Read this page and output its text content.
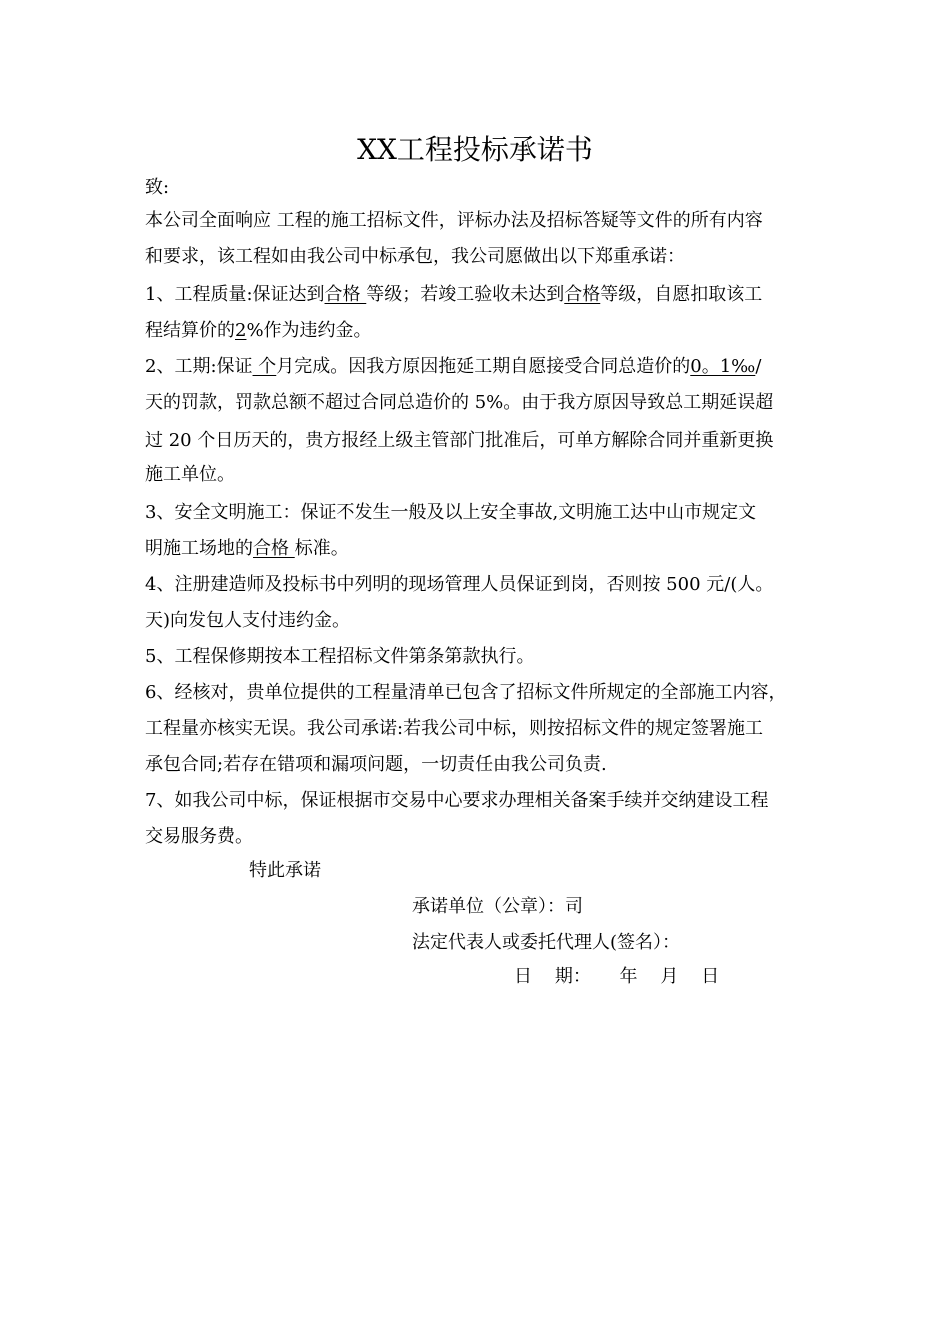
XX工程投标承诺书
致:
本公司全面响应 工程的施工招标文件，评标办法及招标答疑等文件的所有内容
和要求，该工程如由我公司中标承包，我公司愿做出以下郑重承诺：
1、工程质量:保证达到合格 等级；若竣工验收未达到合格等级，自愿扣取该工
程结算价的2%作为违约金。
2、工期:保证 个月完成。因我方原因拖延工期自愿接受合同总造价的0。1‰/
天的罚款，罚款总额不超过合同总造价的 5%。由于我方原因导致总工期延误超
过 20 个日历天的，贵方报经上级主管部门批准后，可单方解除合同并重新更换
施工单位。
3、安全文明施工：保证不发生一般及以上安全事故,文明施工达中山市规定文
明施工场地的合格 标准。
4、注册建造师及投标书中列明的现场管理人员保证到岗，否则按 500 元/(人。
天)向发包人支付违约金。
5、工程保修期按本工程招标文件第条第款执行。
6、经核对，贵单位提供的工程量清单已包含了招标文件所规定的全部施工内容，
工程量亦核实无误。我公司承诺:若我公司中标，则按招标文件的规定签署施工
承包合同;若存在错项和漏项问题，一切责任由我公司负责.
7、如我公司中标，保证根据市交易中心要求办理相关备案手续并交纳建设工程
交易服务费。
特此承诺
承诺单位（公章）：司
法定代表人或委托代理人(签名）：
日    期：     年    月    日
